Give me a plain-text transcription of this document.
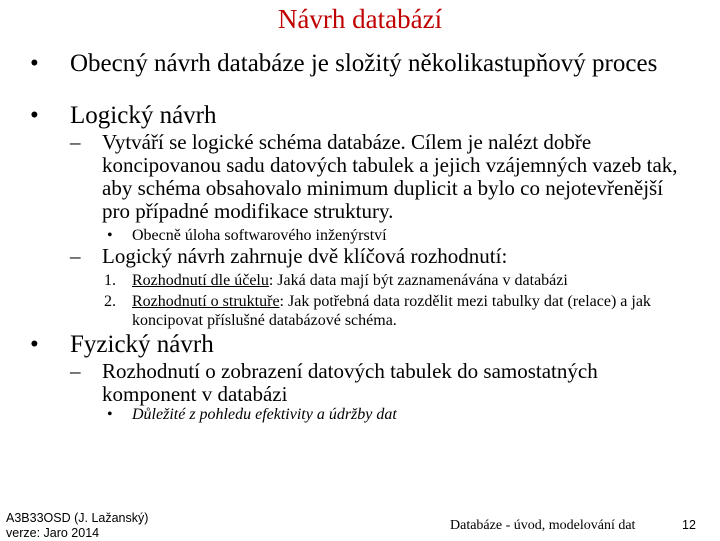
Návrh databází
• Obecný návrh databáze je složitý několikastupňový proces
• Logický návrh
– Vytváří se logické schéma databáze. Cílem je nalézt dobře koncipovanou sadu datových tabulek a jejich vzájemných vazeb tak, aby schéma obsahovalo minimum duplicit a bylo co nejotevřenější pro případné modifikace struktury.
• Obecně úloha softwarového inženýrství
– Logický návrh zahrnuje dvě klíčová rozhodnutí:
1. Rozhodnutí dle účelu: Jaká data mají být zaznamenávána v databázi
2. Rozhodnutí o struktuře: Jak potřebná data rozdělit mezi tabulky dat (relace) a jak koncipovat příslušné databázové schéma.
• Fyzický návrh
– Rozhodnutí o zobrazení datových tabulek do samostatných komponent v databázi
• Důležité z pohledu efektivity a údržby dat
A3B33OSD (J. Lažanský)
verze: Jaro 2014	Databáze - úvod, modelování dat	12
